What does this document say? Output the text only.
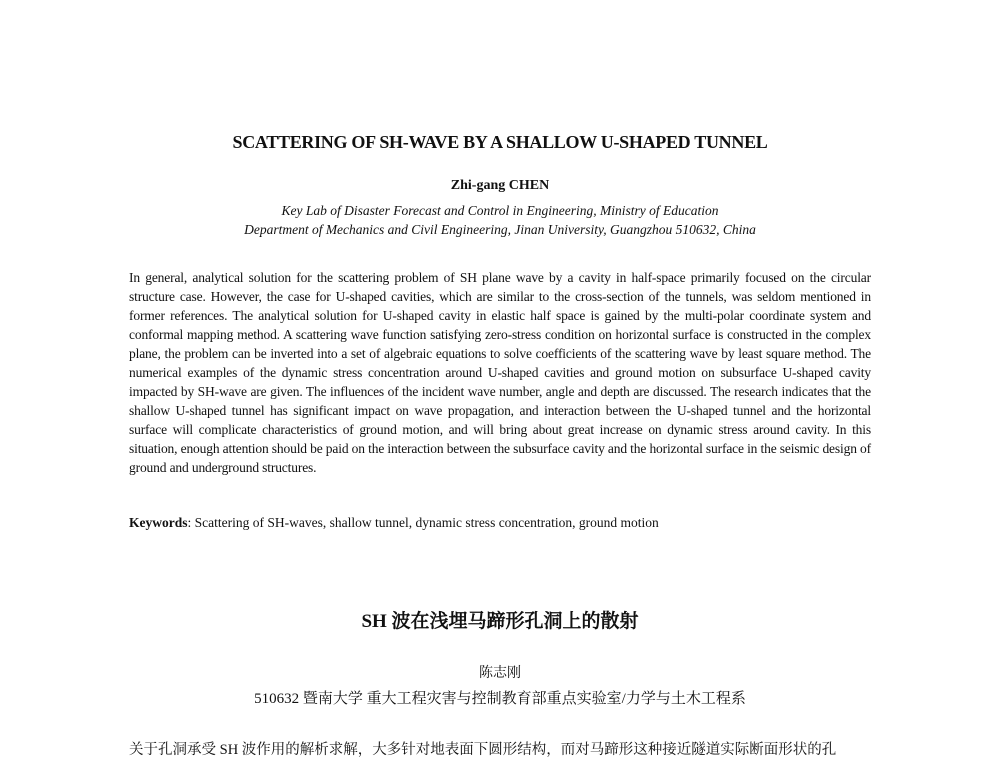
SCATTERING OF SH-WAVE BY A SHALLOW U-SHAPED TUNNEL
Zhi-gang CHEN
Key Lab of Disaster Forecast and Control in Engineering, Ministry of Education
Department of Mechanics and Civil Engineering, Jinan University, Guangzhou 510632, China
In general, analytical solution for the scattering problem of SH plane wave by a cavity in half-space primarily focused on the circular structure case. However, the case for U-shaped cavities, which are similar to the cross-section of the tunnels, was seldom mentioned in former references. The analytical solution for U-shaped cavity in elastic half space is gained by the multi-polar coordinate system and conformal mapping method. A scattering wave function satisfying zero-stress condition on horizontal surface is constructed in the complex plane, the problem can be inverted into a set of algebraic equations to solve coefficients of the scattering wave by least square method. The numerical examples of the dynamic stress concentration around U-shaped cavities and ground motion on subsurface U-shaped cavity impacted by SH-wave are given. The influences of the incident wave number, angle and depth are discussed. The research indicates that the shallow U-shaped tunnel has significant impact on wave propagation, and interaction between the U-shaped tunnel and the horizontal surface will complicate characteristics of ground motion, and will bring about great increase on dynamic stress around cavity. In this situation, enough attention should be paid on the interaction between the subsurface cavity and the horizontal surface in the seismic design of ground and underground structures.
Keywords: Scattering of SH-waves, shallow tunnel, dynamic stress concentration, ground motion
SH 波在浅埋马蹄形孔洞上的散射
陈志刚
510632 暨南大学 重大工程灾害与控制教育部重点实验室/力学与土木工程系
关于孔洞承受 SH 波作用的解析求解，大多针对地表面下圆形结构，而对马蹄形这种接近隧道实际断面形状的孔
